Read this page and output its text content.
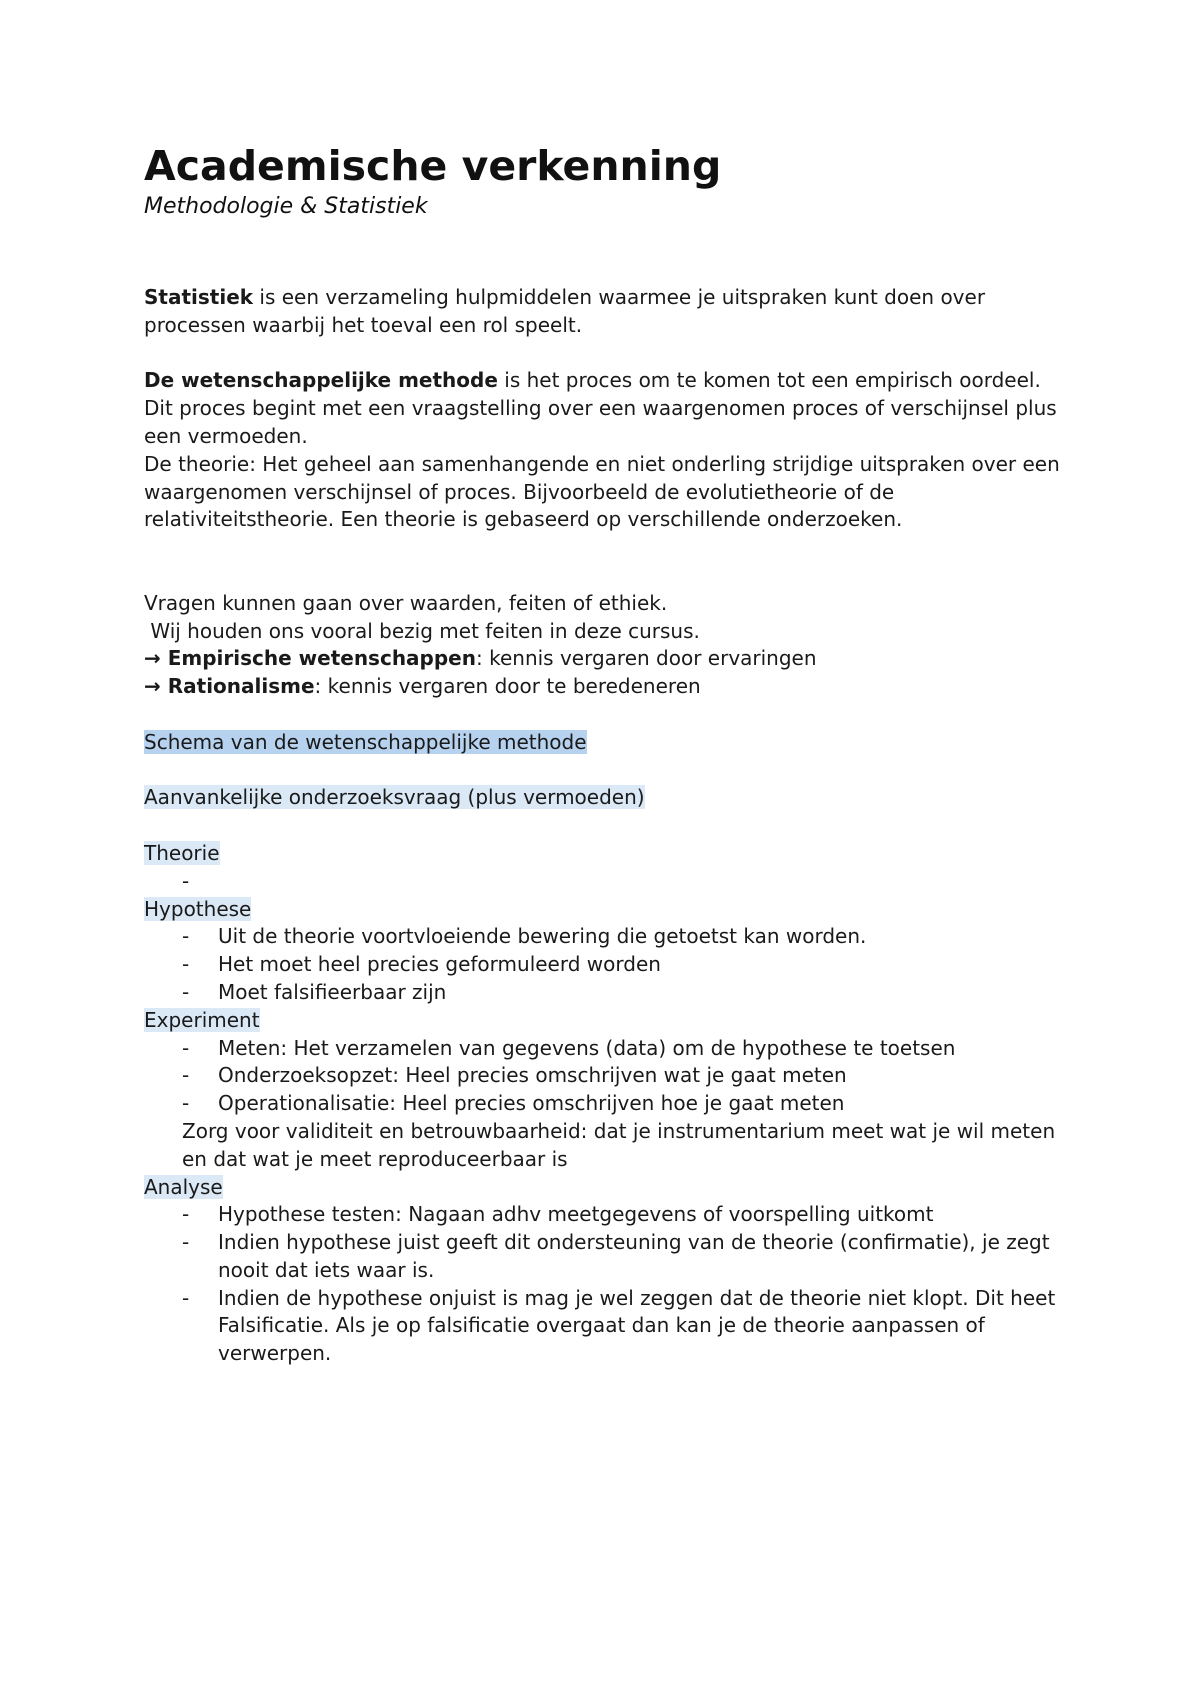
Academische verkenning

Methodologie & Statistiek

Statistiek is een verzameling hulpmiddelen waarmee je uitspraken kunt doen over processen waarbij het toeval een rol speelt.

De wetenschappelijke methode is het proces om te komen tot een empirisch oordeel.

Dit proces begint met een vraagstelling over een waargenomen proces of verschijnsel plus een vermoeden.

De theorie: Het geheel aan samenhangende en niet onderling strijdige uitspraken over een waargenomen verschijnsel of proces. Bijvoorbeeld de evolutietheorie of de relativiteitstheorie. Een theorie is gebaseerd op verschillende onderzoeken.

Vragen kunnen gaan over waarden, feiten of ethiek.

Wij houden ons vooral bezig met feiten in deze cursus.

→ Empirische wetenschappen: kennis vergaren door ervaringen

→ Rationalisme: kennis vergaren door te beredeneren

Schema van de wetenschappelijke methode

Aanvankelijke onderzoeksvraag (plus vermoeden)

Theorie

-

Hypothese

- Uit de theorie voortvloeiende bewering die getoetst kan worden.
- Het moet heel precies geformuleerd worden
- Moet falsifieerbaar zijn

Experiment

- Meten: Het verzamelen van gegevens (data) om de hypothese te toetsen
- Onderzoeksopzet: Heel precies omschrijven wat je gaat meten
- Operationalisatie: Heel precies omschrijven hoe je gaat meten

Zorg voor validiteit en betrouwbaarheid: dat je instrumentarium meet wat je wil meten en dat wat je meet reproduceerbaar is

Analyse

- Hypothese testen: Nagaan adhv meetgegevens of voorspelling uitkomt
- Indien hypothese juist geeft dit ondersteuning van de theorie (confirmatie), je zegt nooit dat iets waar is.
- Indien de hypothese onjuist is mag je wel zeggen dat de theorie niet klopt. Dit heet Falsificatie. Als je op falsificatie overgaat dan kan je de theorie aanpassen of verwerpen.
